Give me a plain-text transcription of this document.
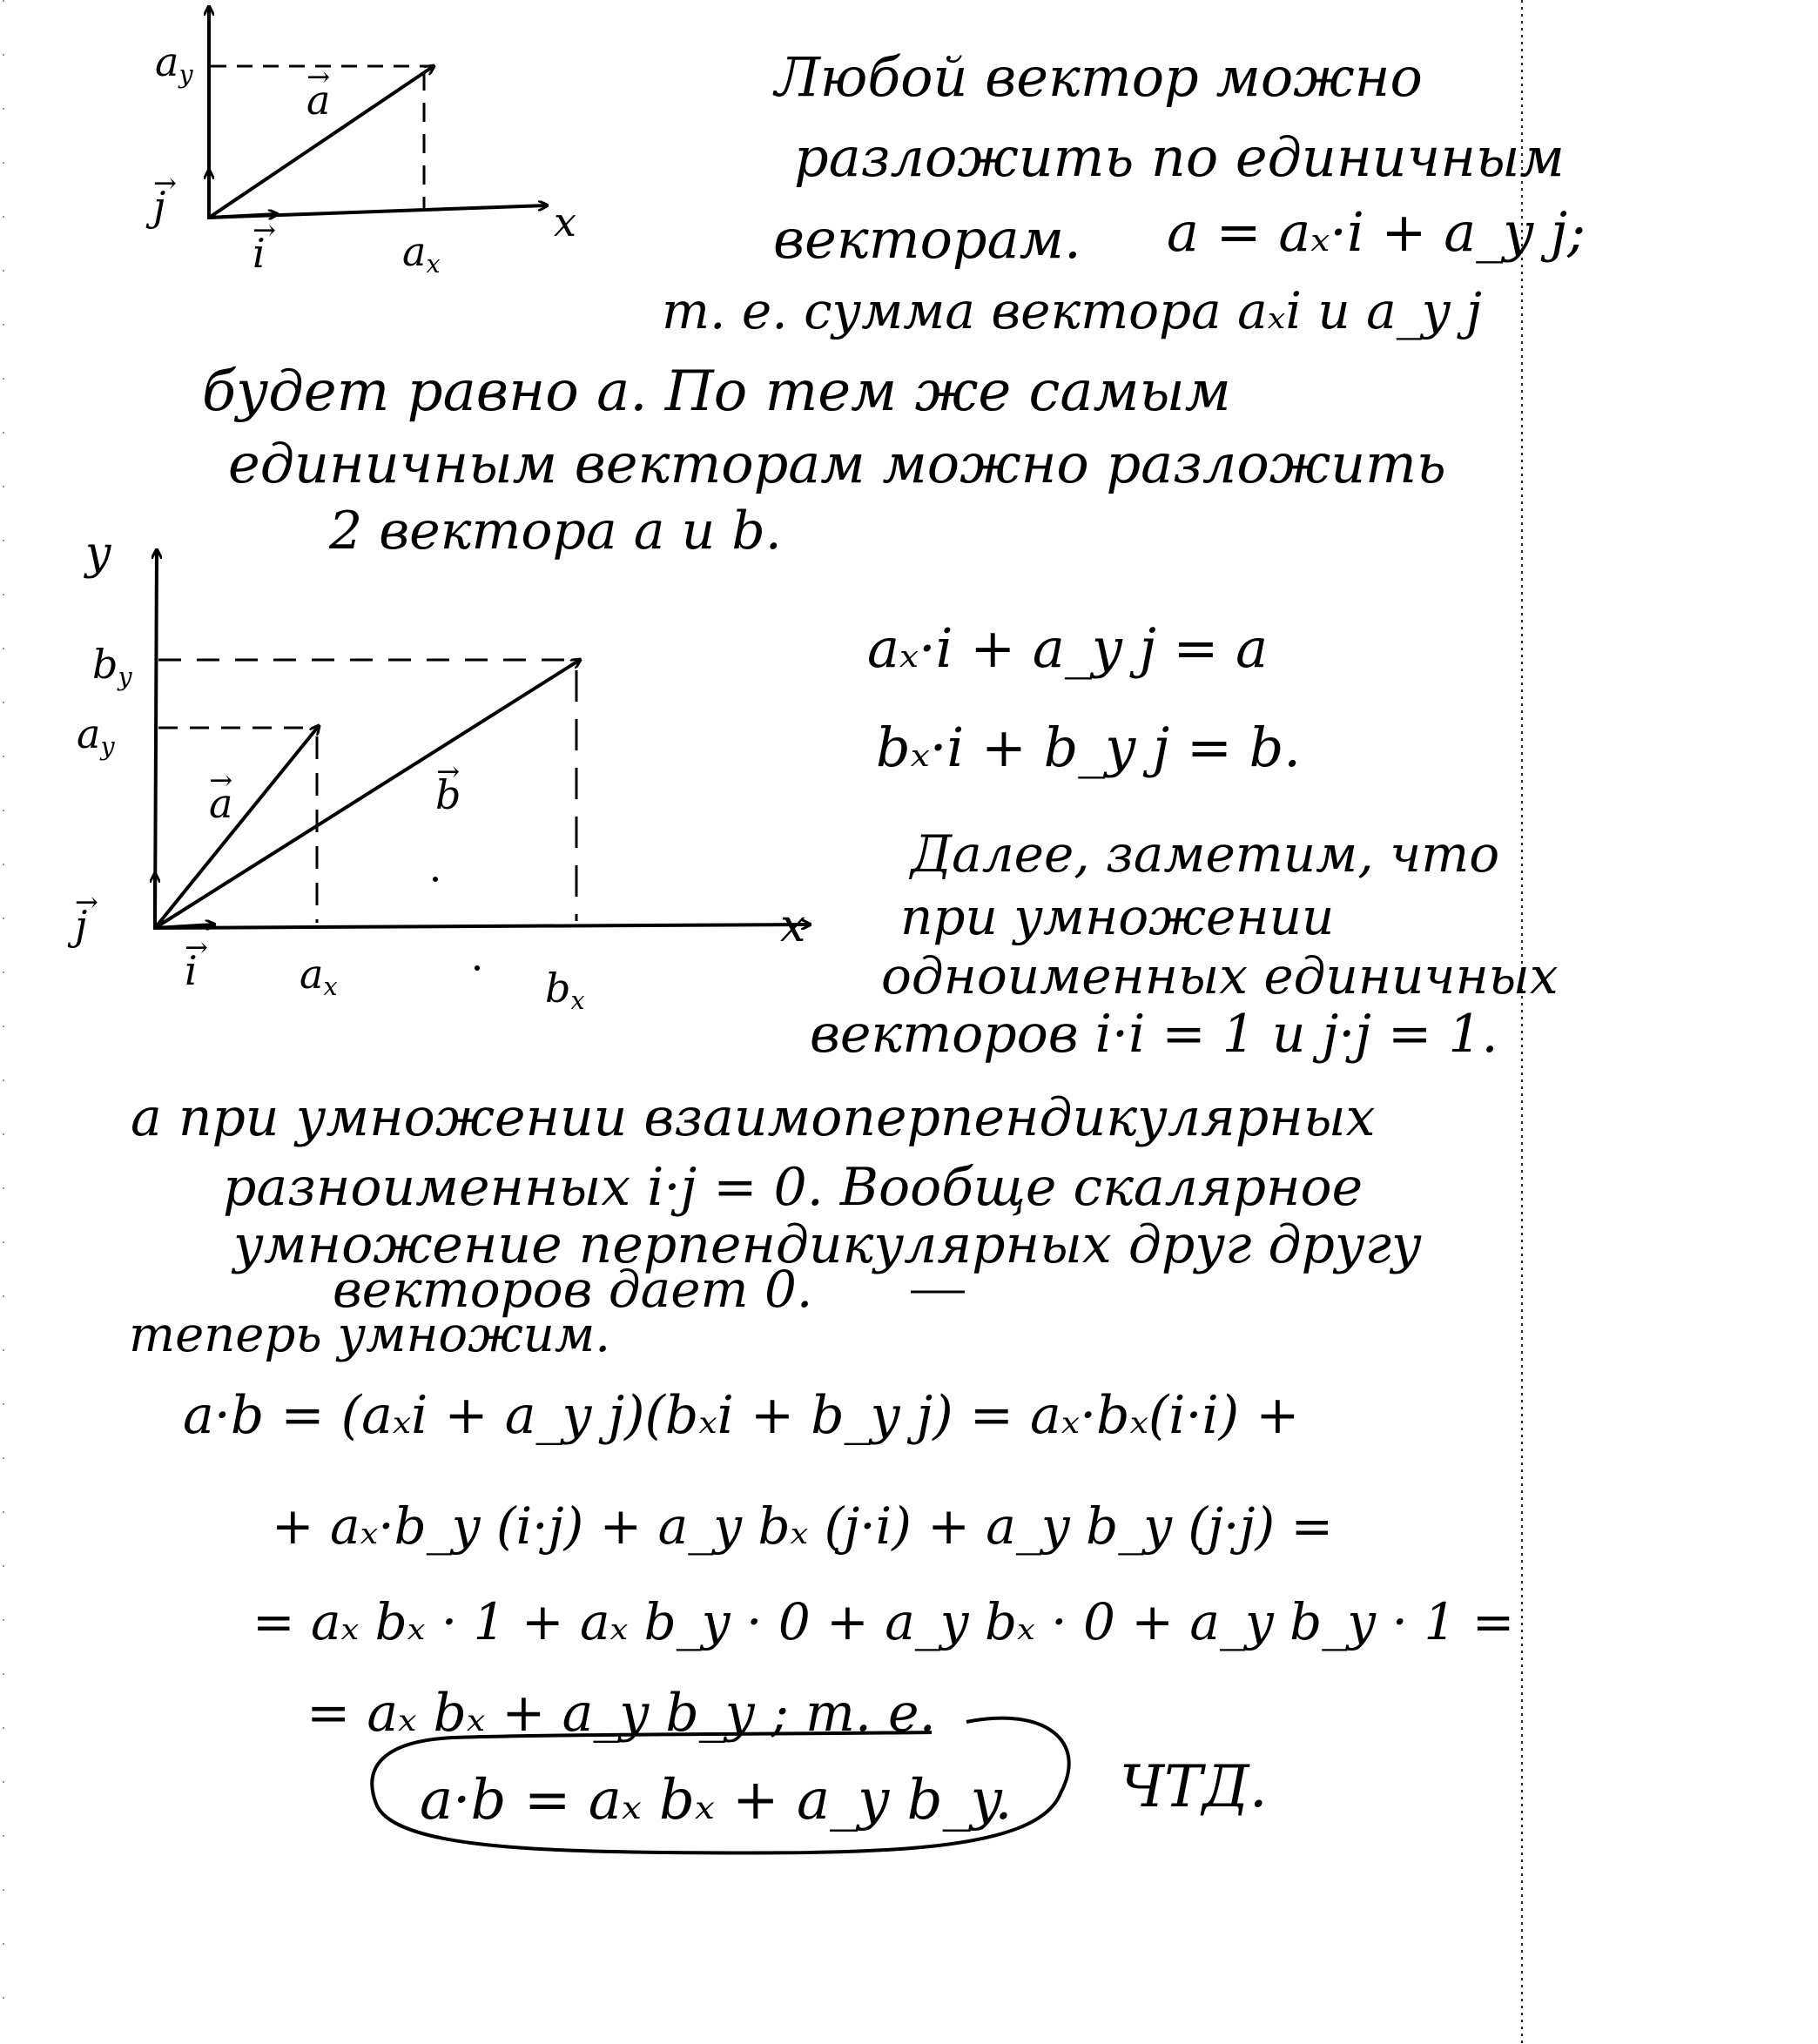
$a_y$
→ a
→ j
→ i	$a_x$
x
y
$b_y$
$a_y$
→ a
→	b
→ j
→ i	$a_x$	$b_x$
x
Любой вектор можно
разложить по единичным
векторам. a = aₓ·i + a_y j;
т. е. сумма вектора aₓi и a_y j
будет равно a. По тем же самым
единичным векторам можно разложить
2 вектора a и b.
aₓ·i + a_y j = a
bₓ·i + b_y j = b.
Далее, заметим, что
при умножении
одноименных единичных
векторов i·i = 1 и j·j = 1.
а при умножении взаимоперпендикулярных
разноименных i·j = 0. Вообще скалярное
умножение перпендикулярных друг другу
векторов дает 0.
теперь умножим.
a·b = (aₓi + a_y j)(bₓi + b_y j) = aₓ·bₓ(i·i) +
+ aₓ·b_y (i·j) + a_y bₓ (j·i) + a_y b_y (j·j) =
= aₓ bₓ · 1 + aₓ b_y · 0 + a_y bₓ · 0 + a_y b_y · 1 =
= aₓ bₓ + a_y b_y ; т. е.
a·b = aₓ bₓ + a_y b_y. ЧТД.
